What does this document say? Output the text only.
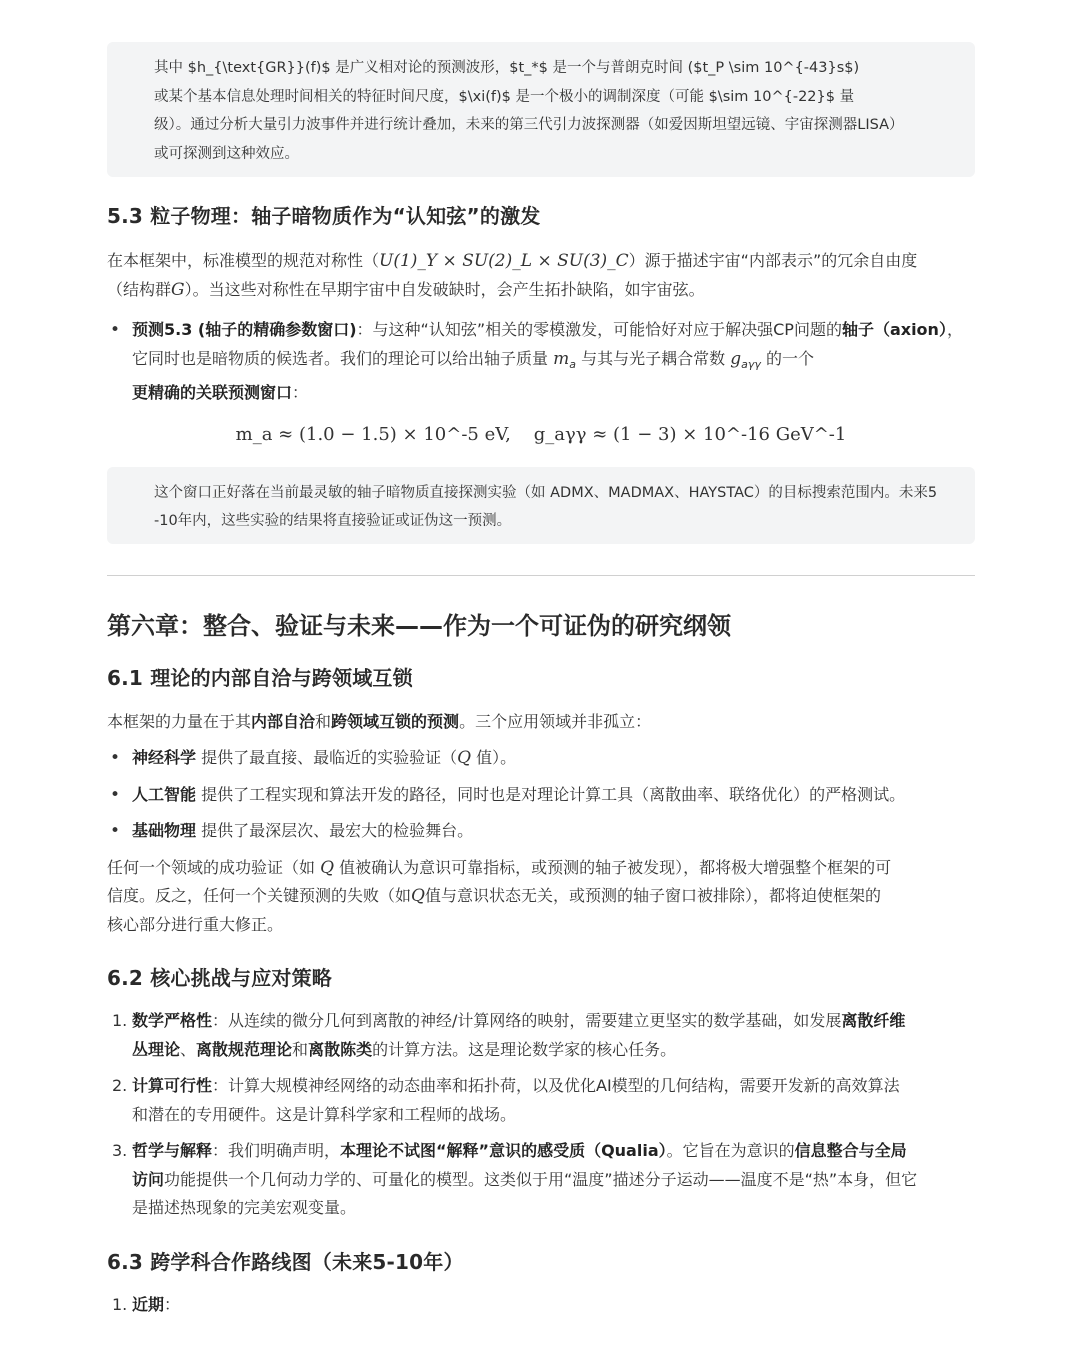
其中 $h_{\text{GR}}(f)$ 是广义相对论的预测波形，$t_*$ 是一个与普朗克时间 ($t_P \sim 10^{-43}s$)

或某个基本信息处理时间相关的特征时间尺度，$\xi(f)$ 是一个极小的调制深度（可能 $\sim 10^{-22}$ 量

级）。通过分析大量引力波事件并进行统计叠加，未来的第三代引力波探测器（如爱因斯坦望远镜、宇宙探测器LISA）

或可探测到这种效应。

5.3 粒子物理：轴子暗物质作为“认知弦”的激发

在本框架中，标准模型的规范对称性（U(1)_Y × SU(2)_L × SU(3)_C）源于描述宇宙“内部表示”的冗余自由度
（结构群G）。当这些对称性在早期宇宙中自发破缺时，会产生拓扑缺陷，如宇宙弦。

• 预测5.3 (轴子的精确参数窗口)：与这种“认知弦”相关的零模激发，可能恰好对应于解决强CP问题的轴子（axion），它同时也是暗物质的候选者。我们的理论可以给出轴子质量 $m_a$ 与其与光子耦合常数 $g_{a\gamma\gamma}$ 的一个
更精确的关联预测窗口：
m_a ≈ (1.0 − 1.5) × 10^-5 eV, g_aγγ ≈ (1 − 3) × 10^-16 GeV^-1

这个窗口正好落在当前最灵敏的轴子暗物质直接探测实验（如 ADMX、MADMAX、HAYSTAC）的目标搜索范围内。未来5

-10年内，这些实验的结果将直接验证或证伪这一预测。

第六章：整合、验证与未来——作为一个可证伪的研究纲领
6.1 理论的内部自洽与跨领域互锁

本框架的力量在于其内部自洽和跨领域互锁的预测。三个应用领域并非孤立：

• 神经科学 提供了最直接、最临近的实验验证（Q 值）。
• 人工智能 提供了工程实现和算法开发的路径，同时也是对理论计算工具（离散曲率、联络优化）的严格测试。
• 基础物理 提供了最深层次、最宏大的检验舞台。

任何一个领域的成功验证（如 Q 值被确认为意识可靠指标，或预测的轴子被发现），都将极大增强整个框架的可
信度。反之，任何一个关键预测的失败（如Q值与意识状态无关，或预测的轴子窗口被排除），都将迫使框架的
核心部分进行重大修正。

6.2 核心挑战与应对策略
1. 数学严格性：从连续的微分几何到离散的神经/计算网络的映射，需要建立更坚实的数学基础，如发展离散纤维
丛理论、离散规范理论和离散陈类的计算方法。这是理论数学家的核心任务。
2. 计算可行性：计算大规模神经网络的动态曲率和拓扑荷，以及优化AI模型的几何结构，需要开发新的高效算法
和潜在的专用硬件。这是计算科学家和工程师的战场。
3. 哲学与解释：我们明确声明，本理论不试图“解释”意识的感受质（Qualia）。它旨在为意识的信息整合与全局
访问功能提供一个几何动力学的、可量化的模型。这类似于用“温度”描述分子运动——温度不是“热”本身，但它
是描述热现象的完美宏观变量。
6.3 跨学科合作路线图（未来5-10年）
1. 近期：
